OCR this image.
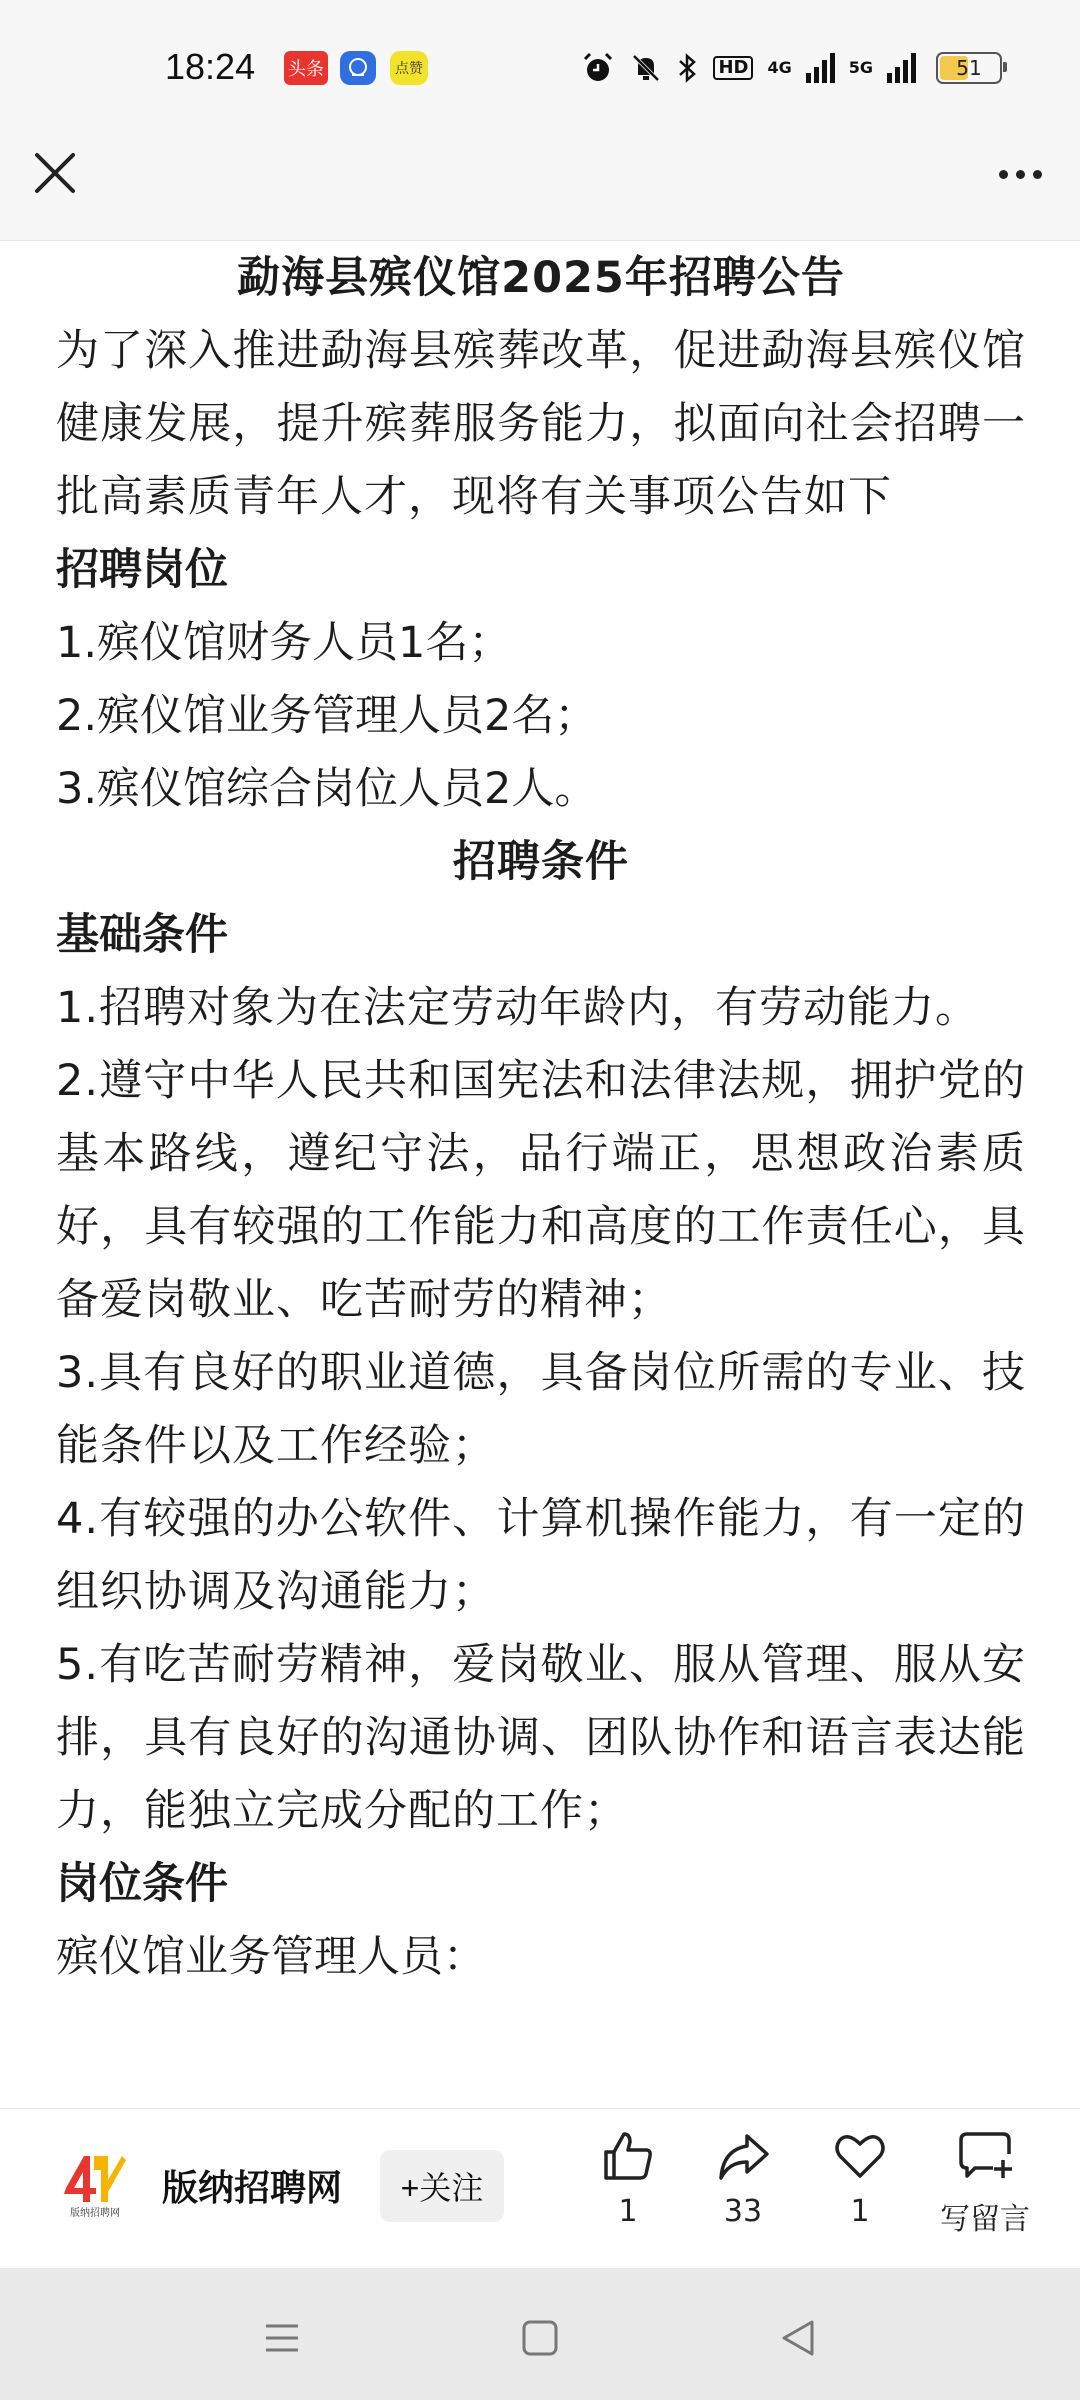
18:24 头条	点赞	HD	4G	5G	51

勐海县殡仪馆2025年招聘公告

为了深入推进勐海县殡葬改革，促进勐海县殡仪馆健康发展，提升殡葬服务能力，拟面向社会招聘一批高素质青年人才，现将有关事项公告如下

招聘岗位

1.殡仪馆财务人员1名；

2.殡仪馆业务管理人员2名；

3.殡仪馆综合岗位人员2人。

招聘条件

基础条件

1.招聘对象为在法定劳动年龄内，有劳动能力。

2.遵守中华人民共和国宪法和法律法规，拥护党的基本路线，遵纪守法，品行端正，思想政治素质好，具有较强的工作能力和高度的工作责任心，具备爱岗敬业、吃苦耐劳的精神；

3.具有良好的职业道德，具备岗位所需的专业、技能条件以及工作经验；

4.有较强的办公软件、计算机操作能力，有一定的组织协调及沟通能力；

5.有吃苦耐劳精神，爱岗敬业、服从管理、服从安排，具有良好的沟通协调、团队协作和语言表达能力，能独立完成分配的工作；

岗位条件

殡仪馆业务管理人员：

版纳招聘网
版纳招聘网	+关注
1	33	1	写留言
